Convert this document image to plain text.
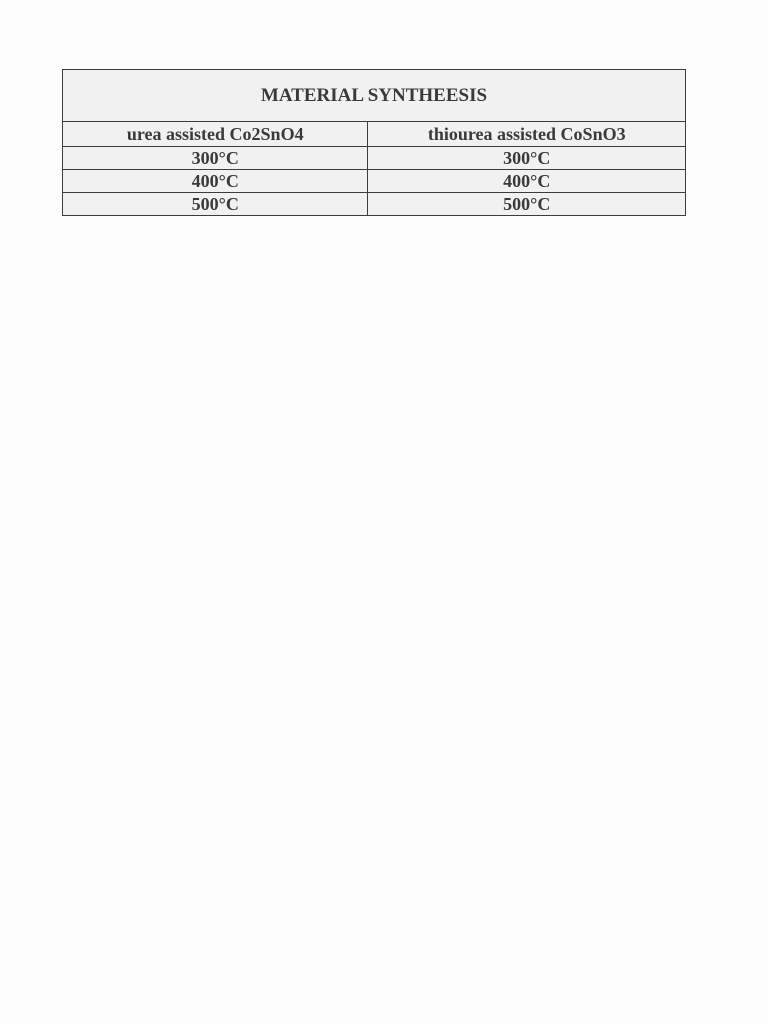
MATERIAL SYNTHEESIS	
urea assisted Co2SnO4	thiourea assisted CoSnO3
300°C	300°C
400°C	400°C
500°C	500°C
